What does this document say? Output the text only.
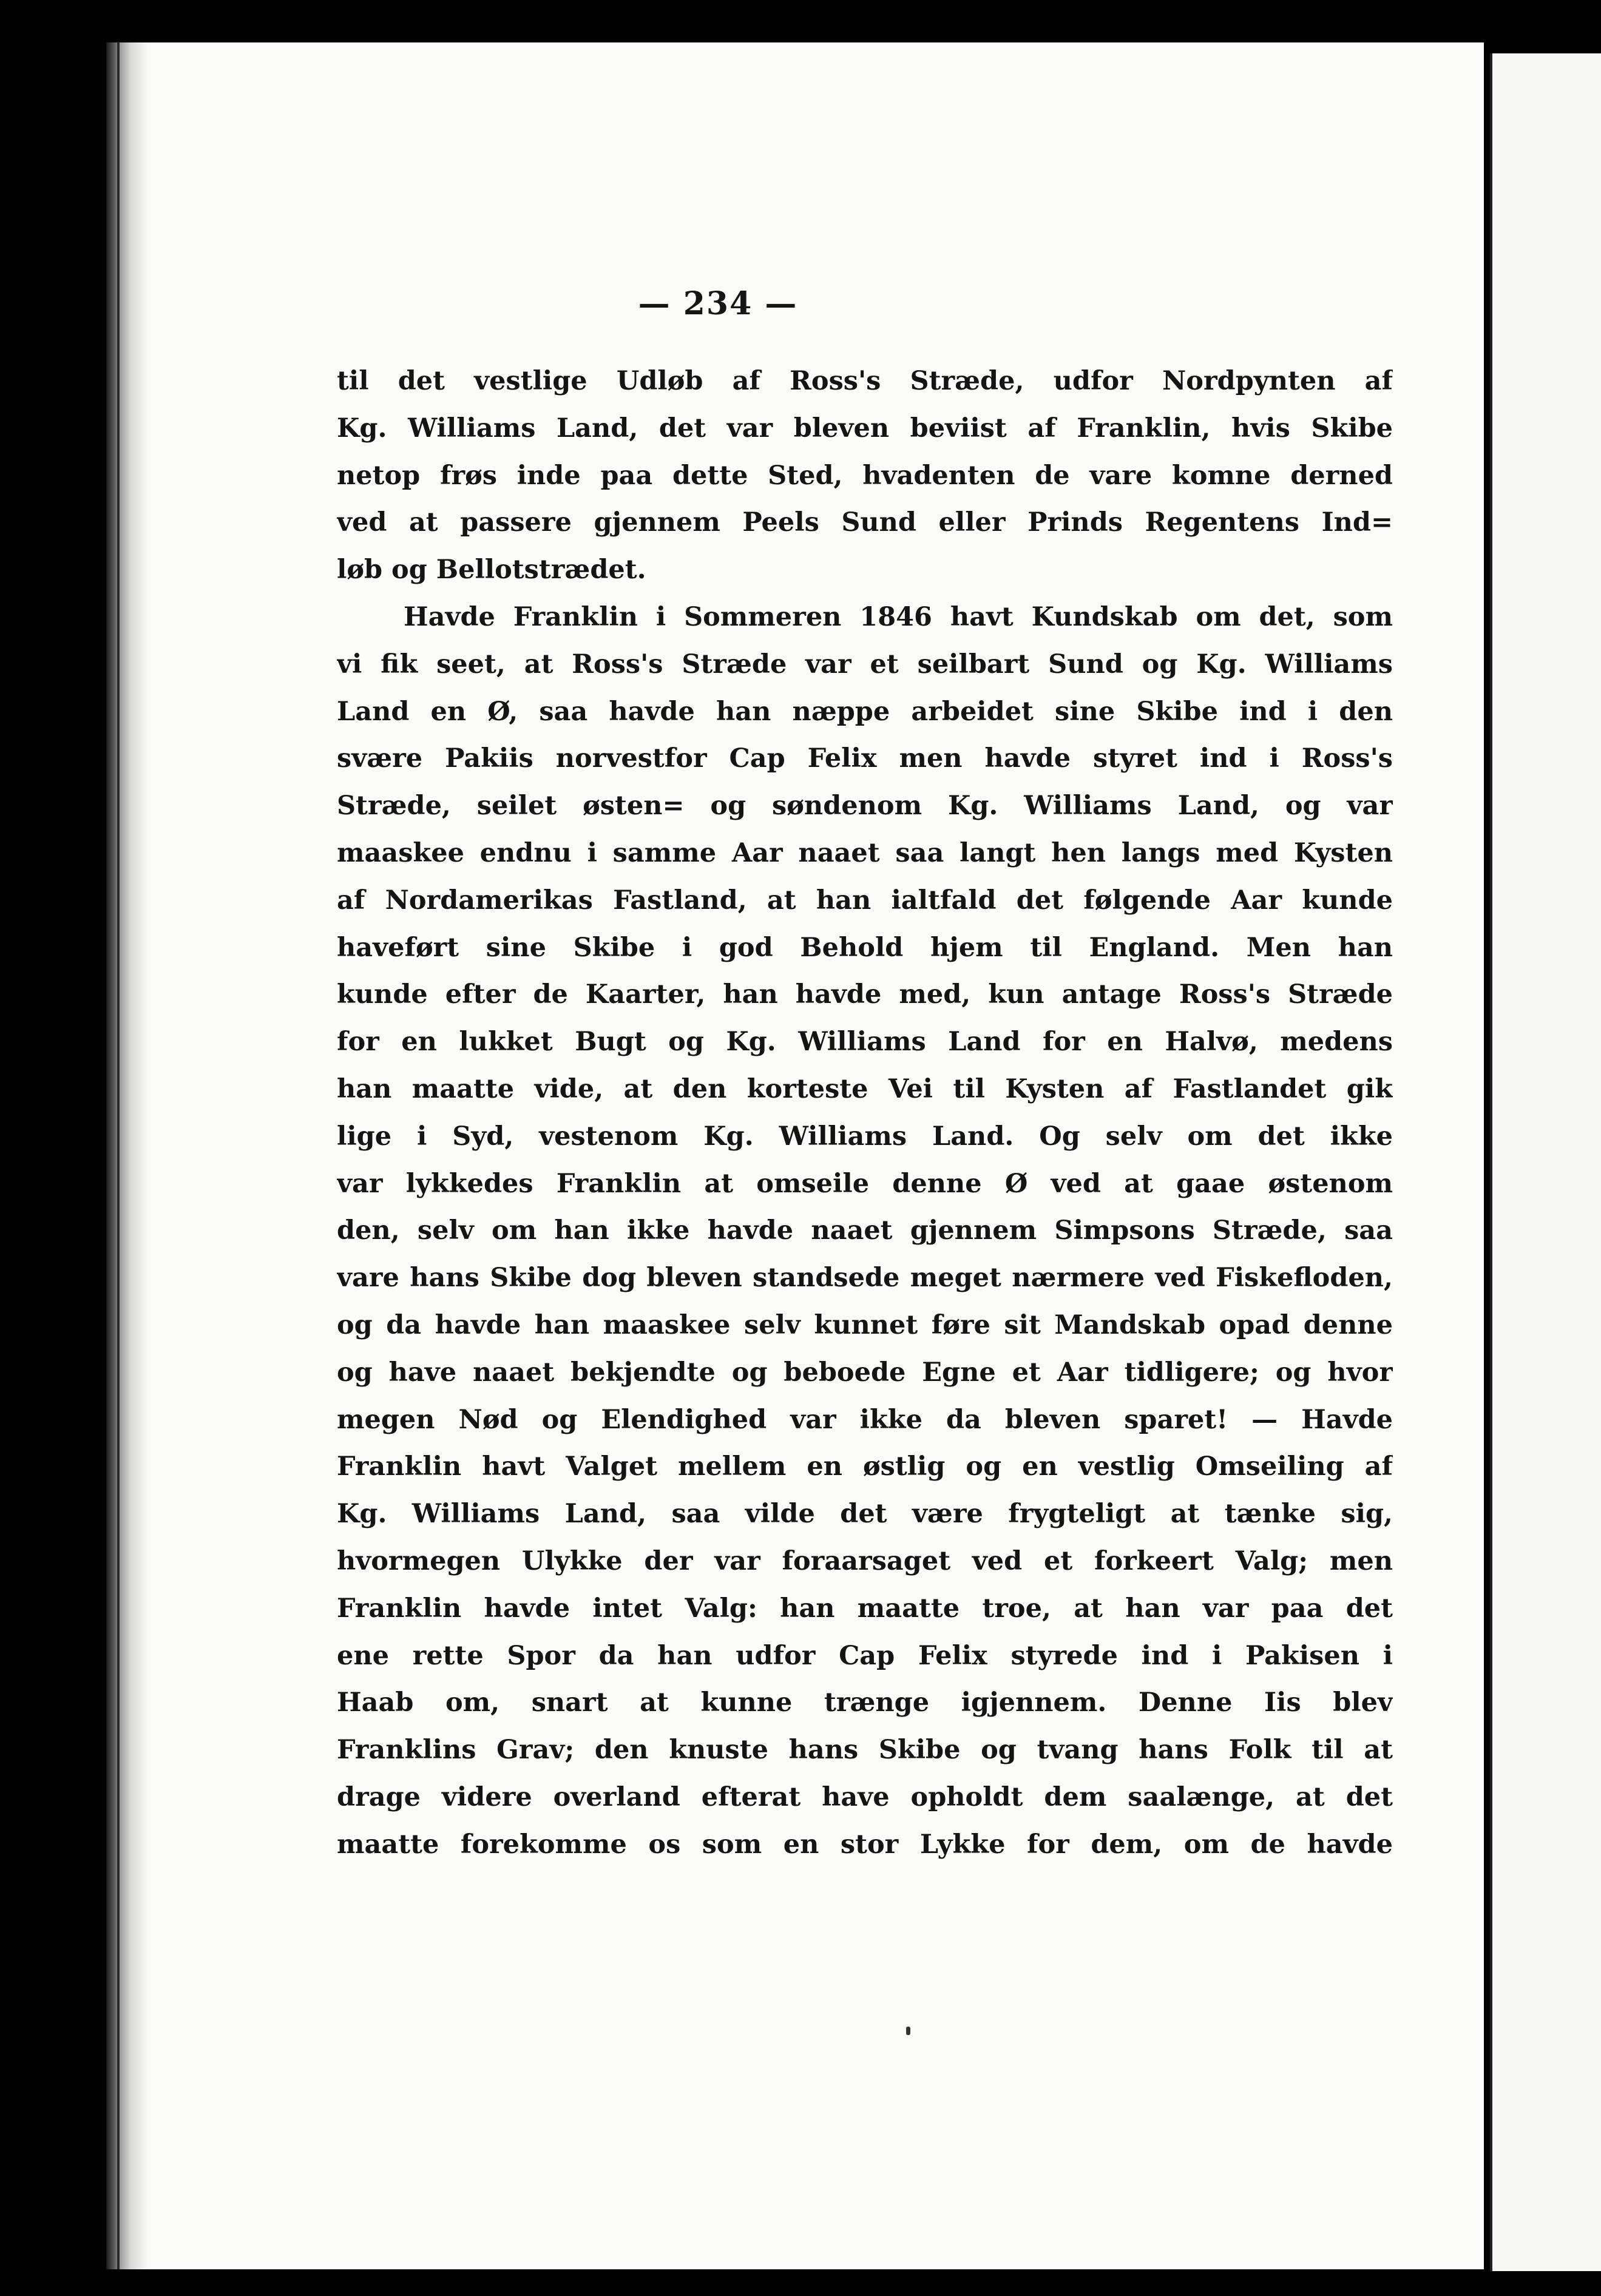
— 234 —
til det vestlige Udløb af Ross's Stræde, udfor Nordpynten af
Kg. Williams Land, det var bleven beviist af Franklin, hvis Skibe
netop frøs inde paa dette Sted, hvadenten de vare komne derned
ved at passere gjennem Peels Sund eller Prinds Regentens Ind=
løb og Bellotstrædet.
Havde Franklin i Sommeren 1846 havt Kundskab om det, som
vi fik seet, at Ross's Stræde var et seilbart Sund og Kg. Williams
Land en Ø, saa havde han næppe arbeidet sine Skibe ind i den
svære Pakiis norvestfor Cap Felix men havde styret ind i Ross's
Stræde, seilet østen= og søndenom Kg. Williams Land, og var
maaskee endnu i samme Aar naaet saa langt hen langs med Kysten
af Nordamerikas Fastland, at han ialtfald det følgende Aar kunde
haveført sine Skibe i god Behold hjem til England. Men han
kunde efter de Kaarter, han havde med, kun antage Ross's Stræde
for en lukket Bugt og Kg. Williams Land for en Halvø, medens
han maatte vide, at den korteste Vei til Kysten af Fastlandet gik
lige i Syd, vestenom Kg. Williams Land. Og selv om det ikke
var lykkedes Franklin at omseile denne Ø ved at gaae østenom
den, selv om han ikke havde naaet gjennem Simpsons Stræde, saa
vare hans Skibe dog bleven standsede meget nærmere ved Fiskefloden,
og da havde han maaskee selv kunnet føre sit Mandskab opad denne
og have naaet bekjendte og beboede Egne et Aar tidligere; og hvor
megen Nød og Elendighed var ikke da bleven sparet! — Havde
Franklin havt Valget mellem en østlig og en vestlig Omseiling af
Kg. Williams Land, saa vilde det være frygteligt at tænke sig,
hvormegen Ulykke der var foraarsaget ved et forkeert Valg; men
Franklin havde intet Valg: han maatte troe, at han var paa det
ene rette Spor da han udfor Cap Felix styrede ind i Pakisen i
Haab om, snart at kunne trænge igjennem. Denne Iis blev
Franklins Grav; den knuste hans Skibe og tvang hans Folk til at
drage videre overland efterat have opholdt dem saalænge, at det
maatte forekomme os som en stor Lykke for dem, om de havde
